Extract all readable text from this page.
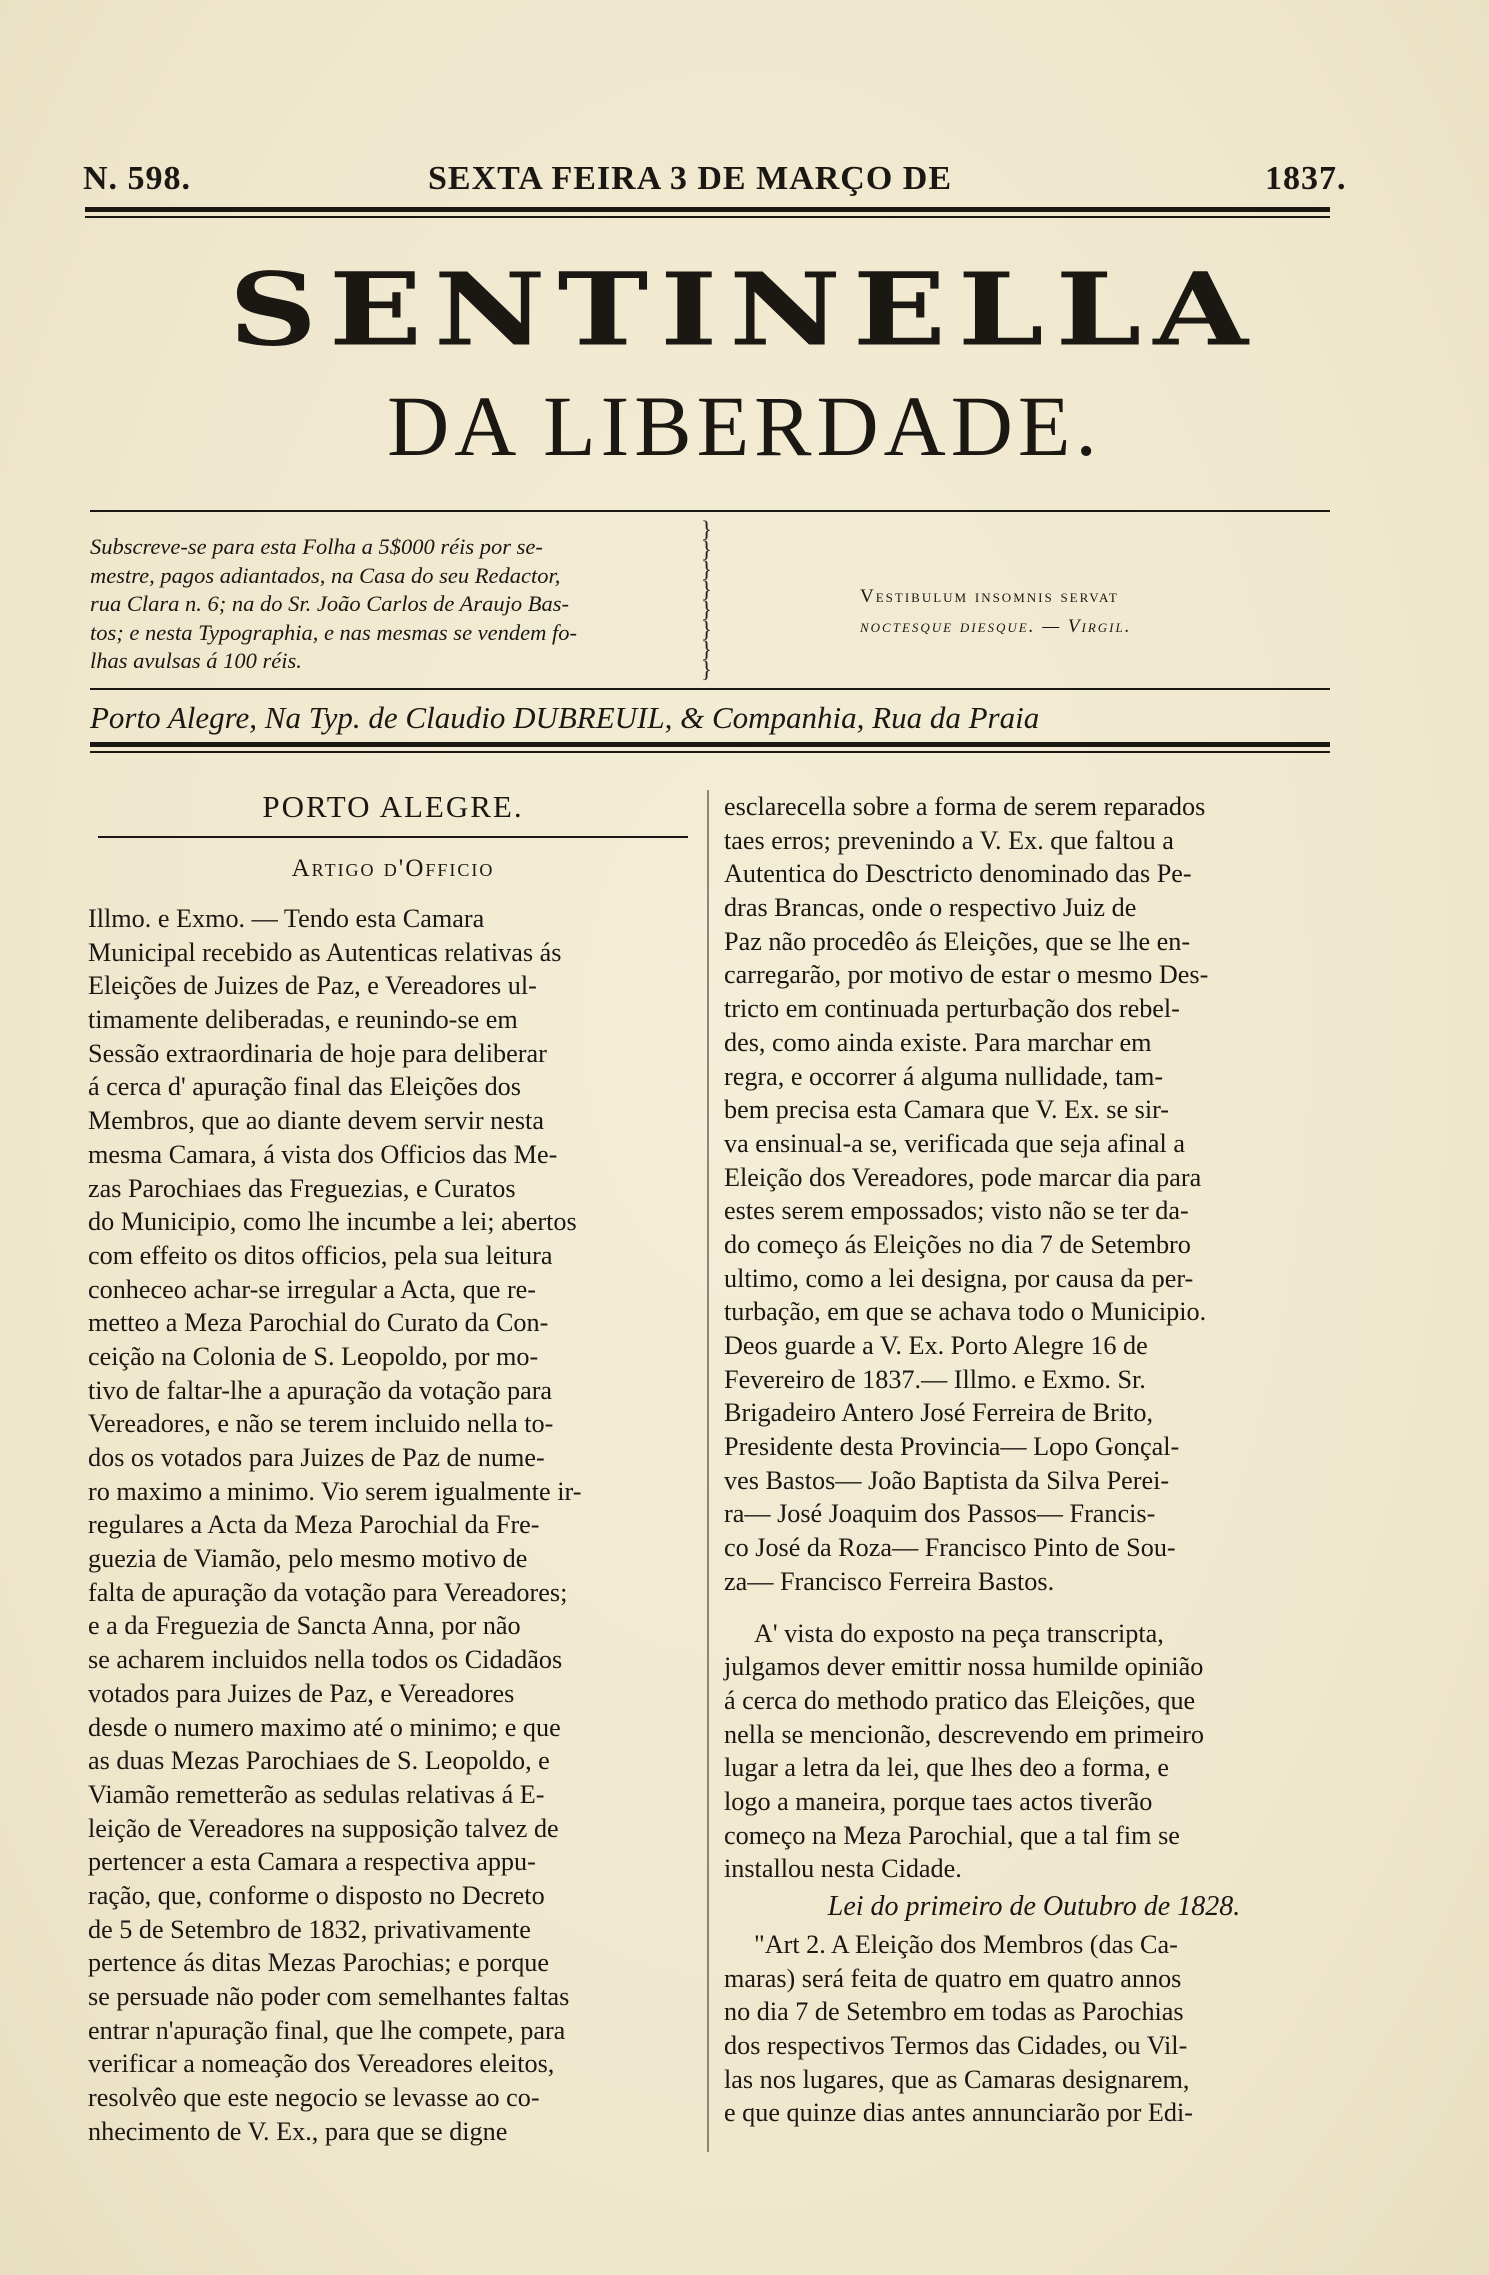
N. 598.	SEXTA FEIRA 3 DE MARÇO DE	1837.
SENTINELLA
DA LIBERDADE.
Subscreve-se para esta Folha a 5$000 réis por se-
mestre, pagos adiantados, na Casa do seu Redactor,
rua Clara n. 6; na do Sr. João Carlos de Araujo Bas-
tos; e nesta Typographia, e nas mesmas se vendem fo-
lhas avulsas á 100 réis.
}
}
}
}
}
}
}
}
Vestibulum insomnis servat
noctesque diesque. — Virgil.
Porto Alegre, Na Typ. de Claudio DUBREUIL, & Companhia, Rua da Praia
PORTO ALEGRE.
Artigo d'Officio
Illmo. e Exmo. — Tendo esta Camara
Municipal recebido as Autenticas relativas ás
Eleições de Juizes de Paz, e Vereadores ul-
timamente deliberadas, e reunindo-se em
Sessão extraordinaria de hoje para deliberar
á cerca d' apuração final das Eleições dos
Membros, que ao diante devem servir nesta
mesma Camara, á vista dos Officios das Me-
zas Parochiaes das Freguezias, e Curatos
do Municipio, como lhe incumbe a lei; abertos
com effeito os ditos officios, pela sua leitura
conheceo achar-se irregular a Acta, que re-
metteo a Meza Parochial do Curato da Con-
ceição na Colonia de S. Leopoldo, por mo-
tivo de faltar-lhe a apuração da votação para
Vereadores, e não se terem incluido nella to-
dos os votados para Juizes de Paz de nume-
ro maximo a minimo. Vio serem igualmente ir-
regulares a Acta da Meza Parochial da Fre-
guezia de Viamão, pelo mesmo motivo de
falta de apuração da votação para Vereadores;
e a da Freguezia de Sancta Anna, por não
se acharem incluidos nella todos os Cidadãos
votados para Juizes de Paz, e Vereadores
desde o numero maximo até o minimo; e que
as duas Mezas Parochiaes de S. Leopoldo, e
Viamão remetterão as sedulas relativas á E-
leição de Vereadores na supposição talvez de
pertencer a esta Camara a respectiva appu-
ração, que, conforme o disposto no Decreto
de 5 de Setembro de 1832, privativamente
pertence ás ditas Mezas Parochias; e porque
se persuade não poder com semelhantes faltas
entrar n'apuração final, que lhe compete, para
verificar a nomeação dos Vereadores eleitos,
resolvêo que este negocio se levasse ao co-
nhecimento de V. Ex., para que se digne
esclarecella sobre a forma de serem reparados
taes erros; prevenindo a V. Ex. que faltou a
Autentica do Desctricto denominado das Pe-
dras Brancas, onde o respectivo Juiz de
Paz não procedêo ás Eleições, que se lhe en-
carregarão, por motivo de estar o mesmo Des-
tricto em continuada perturbação dos rebel-
des, como ainda existe. Para marchar em
regra, e occorrer á alguma nullidade, tam-
bem precisa esta Camara que V. Ex. se sir-
va ensinual-a se, verificada que seja afinal a
Eleição dos Vereadores, pode marcar dia para
estes serem empossados; visto não se ter da-
do começo ás Eleições no dia 7 de Setembro
ultimo, como a lei designa, por causa da per-
turbação, em que se achava todo o Municipio.
Deos guarde a V. Ex. Porto Alegre 16 de
Fevereiro de 1837.— Illmo. e Exmo. Sr.
Brigadeiro Antero José Ferreira de Brito,
Presidente desta Provincia— Lopo Gonçal-
ves Bastos— João Baptista da Silva Perei-
ra— José Joaquim dos Passos— Francis-
co José da Roza— Francisco Pinto de Sou-
za— Francisco Ferreira Bastos.
A' vista do exposto na peça transcripta,
julgamos dever emittir nossa humilde opinião
á cerca do methodo pratico das Eleições, que
nella se mencionão, descrevendo em primeiro
lugar a letra da lei, que lhes deo a forma, e
logo a maneira, porque taes actos tiverão
começo na Meza Parochial, que a tal fim se
installou nesta Cidade.
Lei do primeiro de Outubro de 1828.
"Art 2. A Eleição dos Membros (das Ca-
maras) será feita de quatro em quatro annos
no dia 7 de Setembro em todas as Parochias
dos respectivos Termos das Cidades, ou Vil-
las nos lugares, que as Camaras designarem,
e que quinze dias antes annunciarão por Edi-
